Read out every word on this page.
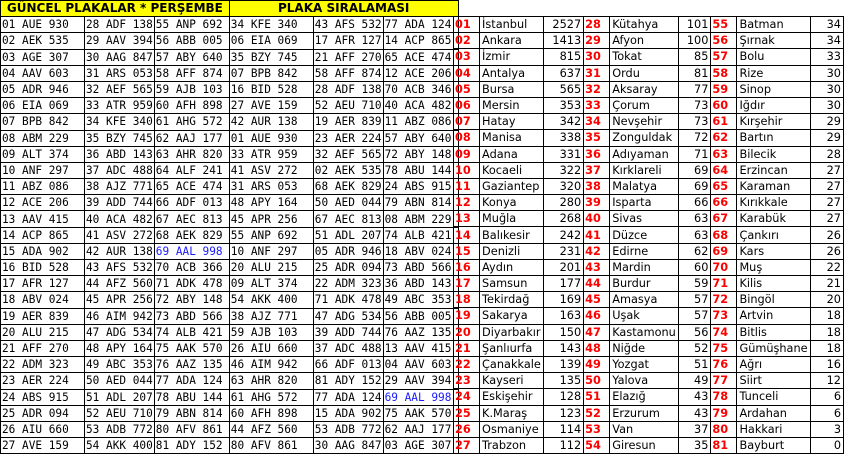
GÜNCEL PLAKALAR * PERŞEMBE			PLAKA SIRALAMASI		
01 AUE 930	28 ADF 138	55 ANP 692	34 KFE 340	43 AFS 532	77 ADA 124
02 AEK 535	29 AAV 394	56 ABB 005	06 EIA 069	17 AFR 127	14 ACP 865
03 AGE 307	30 AAG 847	57 ABY 640	35 BZY 745	21 AFF 270	65 ACE 474
04 AAV 603	31 ARS 053	58 AFF 874	07 BPB 842	58 AFF 874	12 ACE 206
05 ADR 946	32 AEF 565	59 AJB 103	16 BID 528	28 ADF 138	70 ACB 346
06 EIA 069	33 ATR 959	60 AFH 898	27 AVE 159	52 AEU 710	40 ACA 482
07 BPB 842	34 KFE 340	61 AHG 572	42 AUR 138	19 AER 839	11 ABZ 086
08 ABM 229	35 BZY 745	62 AAJ 177	01 AUE 930	23 AER 224	57 ABY 640
09 ALT 374	36 ABD 143	63 AHR 820	33 ATR 959	32 AEF 565	72 ABY 148
10 ANF 297	37 ADC 488	64 ALF 241	41 ASV 272	02 AEK 535	78 ABU 144
11 ABZ 086	38 AJZ 771	65 ACE 474	31 ARS 053	68 AEK 829	24 ABS 915
12 ACE 206	39 ADD 744	66 ADF 013	48 APY 164	50 AED 044	79 ABN 814
13 AAV 415	40 ACA 482	67 AEC 813	45 APR 256	67 AEC 813	08 ABM 229
14 ACP 865	41 ASV 272	68 AEK 829	55 ANP 692	51 ADL 207	74 ALB 421
15 ADA 902	42 AUR 138	69 AAL 998	10 ANF 297	05 ADR 946	18 ABV 024
16 BID 528	43 AFS 532	70 ACB 366	20 ALU 215	25 ADR 094	73 ABD 566
17 AFR 127	44 AFZ 560	71 ADK 478	09 ALT 374	22 ADM 323	36 ABD 143
18 ABV 024	45 APR 256	72 ABY 148	54 AKK 400	71 ADK 478	49 ABC 353
19 AER 839	46 AIM 942	73 ABD 566	38 AJZ 771	47 ADG 534	56 ABB 005
20 ALU 215	47 ADG 534	74 ALB 421	59 AJB 103	39 ADD 744	76 AAZ 135
21 AFF 270	48 APY 164	75 AAK 570	26 AIU 660	37 ADC 488	13 AAV 415
22 ADM 323	49 ABC 353	76 AAZ 135	46 AIM 942	66 ADF 013	04 AAV 603
23 AER 224	50 AED 044	77 ADA 124	63 AHR 820	81 ADY 152	29 AAV 394
24 ABS 915	51 ADL 207	78 ABU 144	61 AHG 572	77 ADA 124	69 AAL 998
25 ADR 094	52 AEU 710	79 ABN 814	60 AFH 898	15 ADA 902	75 AAK 570
26 AIU 660	53 ADB 772	80 AFV 861	44 AFZ 560	53 ADB 772	62 AAJ 177
27 AVE 159	54 AKK 400	81 ADY 152	80 AFV 861	30 AAG 847	03 AGE 307
01	İstanbul	2527	28	Kütahya	101	55	Batman	34
02	Ankara	1413	29	Afyon	100	56	Şırnak	34
03	İzmir	815	30	Tokat	85	57	Bolu	33
04	Antalya	637	31	Ordu	81	58	Rize	30
05	Bursa	565	32	Aksaray	77	59	Sinop	30
06	Mersin	353	33	Çorum	73	60	Iğdır	30
07	Hatay	342	34	Nevşehir	73	61	Kırşehir	29
08	Manisa	338	35	Zonguldak	72	62	Bartın	29
09	Adana	331	36	Adıyaman	71	63	Bilecik	28
10	Kocaeli	322	37	Kırklareli	69	64	Erzincan	27
11	Gaziantep	320	38	Malatya	69	65	Karaman	27
12	Konya	280	39	Isparta	66	66	Kırıkkale	27
13	Muğla	268	40	Sivas	63	67	Karabük	27
14	Balıkesir	242	41	Düzce	63	68	Çankırı	26
15	Denizli	231	42	Edirne	62	69	Kars	26
16	Aydın	201	43	Mardin	60	70	Muş	22
17	Samsun	177	44	Burdur	59	71	Kilis	21
18	Tekirdağ	169	45	Amasya	57	72	Bingöl	20
19	Sakarya	163	46	Uşak	57	73	Artvin	18
20	Diyarbakır	150	47	Kastamonu	56	74	Bitlis	18
21	Şanlıurfa	143	48	Niğde	52	75	Gümüşhane	18
22	Çanakkale	139	49	Yozgat	51	76	Ağrı	16
23	Kayseri	135	50	Yalova	49	77	Siirt	12
24	Eskişehir	128	51	Elazığ	43	78	Tunceli	6
25	K.Maraş	123	52	Erzurum	43	79	Ardahan	6
26	Osmaniye	114	53	Van	37	80	Hakkari	3
27	Trabzon	112	54	Giresun	35	81	Bayburt	0
